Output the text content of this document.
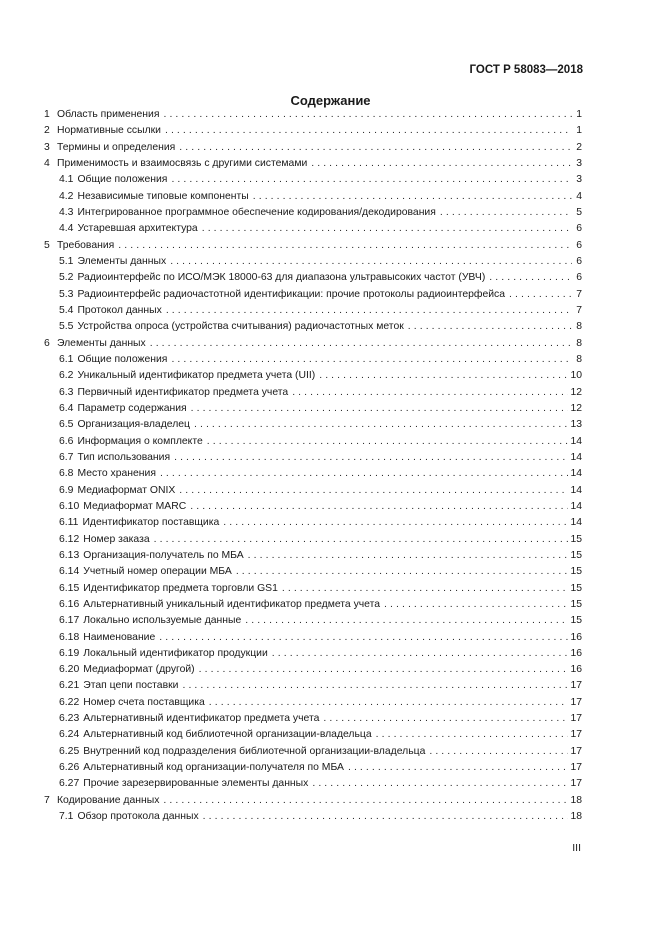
ГОСТ Р 58083—2018
Содержание
1 Область применения . . .	1
2 Нормативные ссылки . . .	1
3 Термины и определения . . .	2
4 Применимость и взаимосвязь с другими системами . . .	3
4.1 Общие положения . . .	3
4.2 Независимые типовые компоненты . . .	4
4.3 Интегрированное программное обеспечение кодирования/декодирования . . .	5
4.4 Устаревшая архитектура . . .	6
5 Требования . . .	6
5.1 Элементы данных . . .	6
5.2 Радиоинтерфейс по ИСО/МЭК 18000-63 для диапазона ультравысоких частот (УВЧ) . . .	6
5.3 Радиоинтерфейс радиочастотной идентификации: прочие протоколы радиоинтерфейса . . .	7
5.4 Протокол данных . . .	7
5.5 Устройства опроса (устройства считывания) радиочастотных меток . . .	8
6 Элементы данных . . .	8
6.1 Общие положения . . .	8
6.2 Уникальный идентификатор предмета учета (UII) . . .	10
6.3 Первичный идентификатор предмета учета . . .	12
6.4 Параметр содержания . . .	12
6.5 Организация-владелец . . .	13
6.6 Информация о комплекте . . .	14
6.7 Тип использования . . .	14
6.8 Место хранения . . .	14
6.9 Медиаформат ONIX . . .	14
6.10 Медиаформат MARC . . .	14
6.11 Идентификатор поставщика . . .	14
6.12 Номер заказа . . .	15
6.13 Организация-получатель по МБА . . .	15
6.14 Учетный номер операции МБА . . .	15
6.15 Идентификатор предмета торговли GS1 . . .	15
6.16 Альтернативный уникальный идентификатор предмета учета . . .	15
6.17 Локально используемые данные . . .	15
6.18 Наименование . . .	16
6.19 Локальный идентификатор продукции . . .	16
6.20 Медиаформат (другой) . . .	16
6.21 Этап цепи поставки . . .	17
6.22 Номер счета поставщика . . .	17
6.23 Альтернативный идентификатор предмета учета . . .	17
6.24 Альтернативный код библиотечной организации-владельца . . .	17
6.25 Внутренний код подразделения библиотечной организации-владельца . . .	17
6.26 Альтернативный код организации-получателя по МБА . . .	17
6.27 Прочие зарезервированные элементы данных . . .	17
7 Кодирование данных . . .	18
7.1 Обзор протокола данных . . .	18
III
